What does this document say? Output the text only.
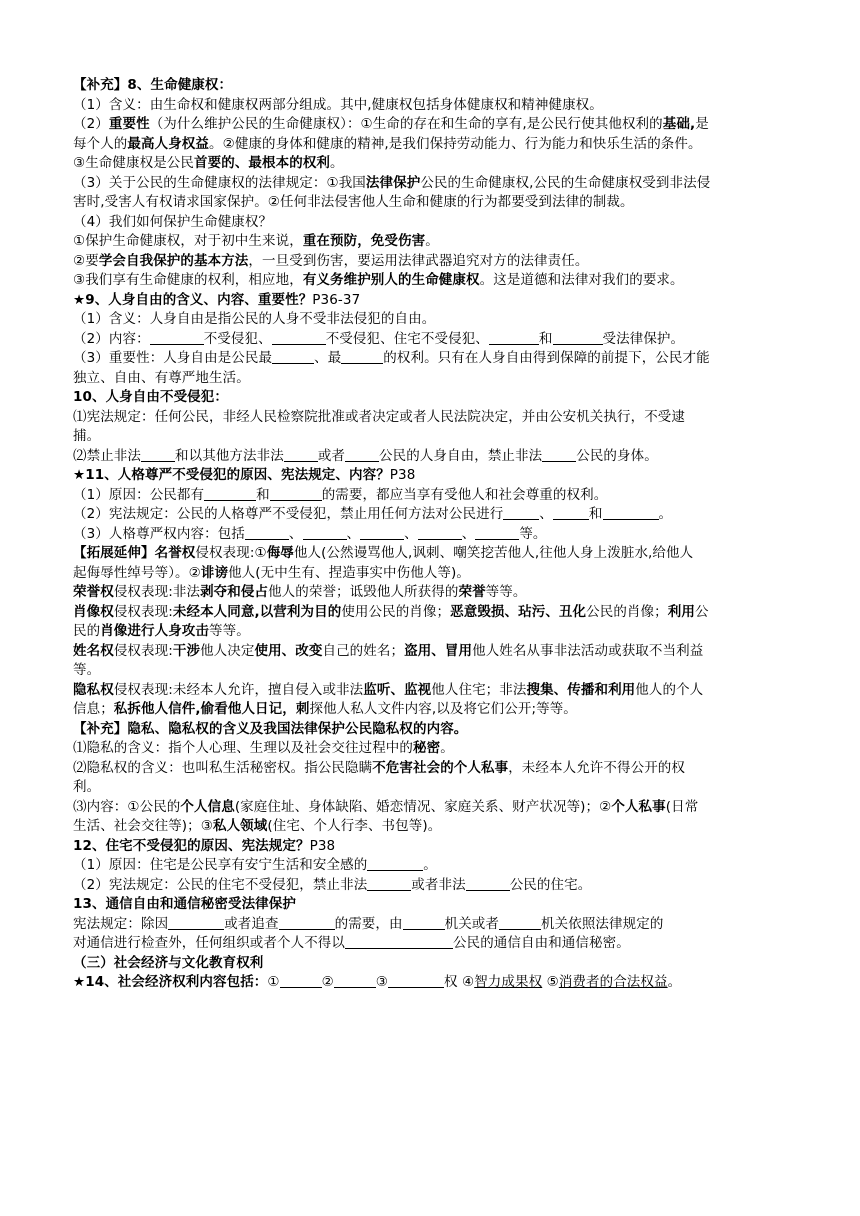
【补充】8、生命健康权：
（1）含义：由生命权和健康权两部分组成。其中,健康权包括身体健康权和精神健康权。
（2）重要性（为什么维护公民的生命健康权）：①生命的存在和生命的享有,是公民行使其他权利的基础,是
每个人的最高人身权益。②健康的身体和健康的精神,是我们保持劳动能力、行为能力和快乐生活的条件。
③生命健康权是公民首要的、最根本的权利。
（3）关于公民的生命健康权的法律规定：①我国法律保护公民的生命健康权,公民的生命健康权受到非法侵
害时,受害人有权请求国家保护。②任何非法侵害他人生命和健康的行为都要受到法律的制裁。
（4）我们如何保护生命健康权？
①保护生命健康权，对于初中生来说，重在预防，免受伤害。
②要学会自我保护的基本方法，一旦受到伤害，要运用法律武器追究对方的法律责任。
③我们享有生命健康的权利，相应地，有义务维护别人的生命健康权。这是道德和法律对我们的要求。
★9、人身自由的含义、内容、重要性？P36-37
（1）含义：人身自由是指公民的人身不受非法侵犯的自由。
（2）内容：	不受侵犯、	不受侵犯、住宅不受侵犯、	和	受法律保护。
（3）重要性：人身自由是公民最	、最	的权利。只有在人身自由得到保障的前提下，公民才能
独立、自由、有尊严地生活。
10、人身自由不受侵犯：
⑴宪法规定：任何公民，非经人民检察院批准或者决定或者人民法院决定，并由公安机关执行，不受逮
捕。
⑵禁止非法	和以其他方法非法	或者	公民的人身自由，禁止非法	公民的身体。
★11、人格尊严不受侵犯的原因、宪法规定、内容？P38
（1）原因：公民都有	和	的需要，都应当享有受他人和社会尊重的权利。
（2）宪法规定：公民的人格尊严不受侵犯，禁止用任何方法对公民进行	、	和	。
（3）人格尊严权内容：包括	、	、	、	、	等。
【拓展延伸】名誉权侵权表现:①侮辱他人(公然谩骂他人,讽刺、嘲笑挖苦他人,往他人身上泼脏水,给他人
起侮辱性绰号等）。②诽谤他人(无中生有、捏造事实中伤他人等)。
荣誉权侵权表现:非法剥夺和侵占他人的荣誉；诋毁他人所获得的荣誉等等。
肖像权侵权表现:未经本人同意,以营利为目的使用公民的肖像；恶意毁损、玷污、丑化公民的肖像；利用公
民的肖像进行人身攻击等等。
姓名权侵权表现:干涉他人决定使用、改变自己的姓名；盗用、冒用他人姓名从事非法活动或获取不当利益
等。
隐私权侵权表现:未经本人允许，擅自侵入或非法监听、监视他人住宅；非法搜集、传播和利用他人的个人
信息；私拆他人信件,偷看他人日记，刺探他人私人文件内容,以及将它们公开;等等。
【补充】隐私、隐私权的含义及我国法律保护公民隐私权的内容。
⑴隐私的含义：指个人心理、生理以及社会交往过程中的秘密。
⑵隐私权的含义：也叫私生活秘密权。指公民隐瞒不危害社会的个人私事，未经本人允许不得公开的权
利。
⑶内容：①公民的个人信息(家庭住址、身体缺陷、婚恋情况、家庭关系、财产状况等)；②个人私事(日常
生活、社会交往等)；③私人领域(住宅、个人行李、书包等)。
12、住宅不受侵犯的原因、宪法规定？P38
（1）原因：住宅是公民享有安宁生活和安全感的	。
（2）宪法规定：公民的住宅不受侵犯，禁止非法	或者非法	公民的住宅。
13、通信自由和通信秘密受法律保护
宪法规定：除因	或者追查	的需要，由	机关或者	机关依照法律规定的
对通信进行检查外，任何组织或者个人不得以	公民的通信自由和通信秘密。
（三）社会经济与文化教育权利
★14、社会经济权利内容包括：①	②	③	权 ④智力成果权 ⑤消费者的合法权益。
